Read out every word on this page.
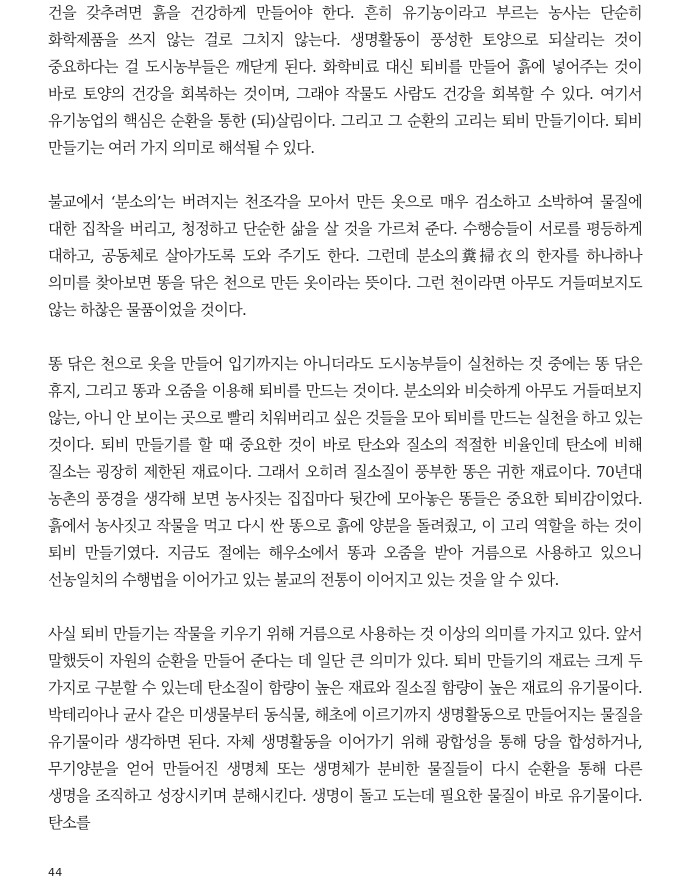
건을 갖추려면 흙을 건강하게 만들어야 한다. 흔히 유기농이라고 부르는 농사는 단순히 화학제품을 쓰지 않는 걸로 그치지 않는다. 생명활동이 풍성한 토양으로 되살리는 것이 중요하다는 걸 도시농부들은 깨닫게 된다. 화학비료 대신 퇴비를 만들어 흙에 넣어주는 것이 바로 토양의 건강을 회복하는 것이며, 그래야 작물도 사람도 건강을 회복할 수 있다. 여기서 유기농업의 핵심은 순환을 통한 (되)살림이다. 그리고 그 순환의 고리는 퇴비 만들기이다. 퇴비 만들기는 여러 가지 의미로 해석될 수 있다.

불교에서 ‘분소의’는 버려지는 천조각을 모아서 만든 옷으로 매우 검소하고 소박하여 물질에 대한 집착을 버리고, 청정하고 단순한 삶을 살 것을 가르쳐 준다. 수행승들이 서로를 평등하게 대하고, 공동체로 살아가도록 도와 주기도 한다. 그런데 분소의糞掃衣의 한자를 하나하나 의미를 찾아보면 똥을 닦은 천으로 만든 옷이라는 뜻이다. 그런 천이라면 아무도 거들떠보지도 않는 하찮은 물품이었을 것이다.

똥 닦은 천으로 옷을 만들어 입기까지는 아니더라도 도시농부들이 실천하는 것 중에는 똥 닦은 휴지, 그리고 똥과 오줌을 이용해 퇴비를 만드는 것이다. 분소의와 비슷하게 아무도 거들떠보지 않는, 아니 안 보이는 곳으로 빨리 치워버리고 싶은 것들을 모아 퇴비를 만드는 실천을 하고 있는 것이다. 퇴비 만들기를 할 때 중요한 것이 바로 탄소와 질소의 적절한 비율인데 탄소에 비해 질소는 굉장히 제한된 재료이다. 그래서 오히려 질소질이 풍부한 똥은 귀한 재료이다. 70년대 농촌의 풍경을 생각해 보면 농사짓는 집집마다 뒷간에 모아놓은 똥들은 중요한 퇴비감이었다. 흙에서 농사짓고 작물을 먹고 다시 싼 똥으로 흙에 양분을 돌려줬고, 이 고리 역할을 하는 것이 퇴비 만들기였다. 지금도 절에는 해우소에서 똥과 오줌을 받아 거름으로 사용하고 있으니 선농일치의 수행법을 이어가고 있는 불교의 전통이 이어지고 있는 것을 알 수 있다.

사실 퇴비 만들기는 작물을 키우기 위해 거름으로 사용하는 것 이상의 의미를 가지고 있다. 앞서 말했듯이 자원의 순환을 만들어 준다는 데 일단 큰 의미가 있다. 퇴비 만들기의 재료는 크게 두 가지로 구분할 수 있는데 탄소질이 함량이 높은 재료와 질소질 함량이 높은 재료의 유기물이다. 박테리아나 균사 같은 미생물부터 동식물, 해초에 이르기까지 생명활동으로 만들어지는 물질을 유기물이라 생각하면 된다. 자체 생명활동을 이어가기 위해 광합성을 통해 당을 합성하거나, 무기양분을 얻어 만들어진 생명체 또는 생명체가 분비한 물질들이 다시 순환을 통해 다른 생명을 조직하고 성장시키며 분해시킨다. 생명이 돌고 도는데 필요한 물질이 바로 유기물이다. 탄소를

44
